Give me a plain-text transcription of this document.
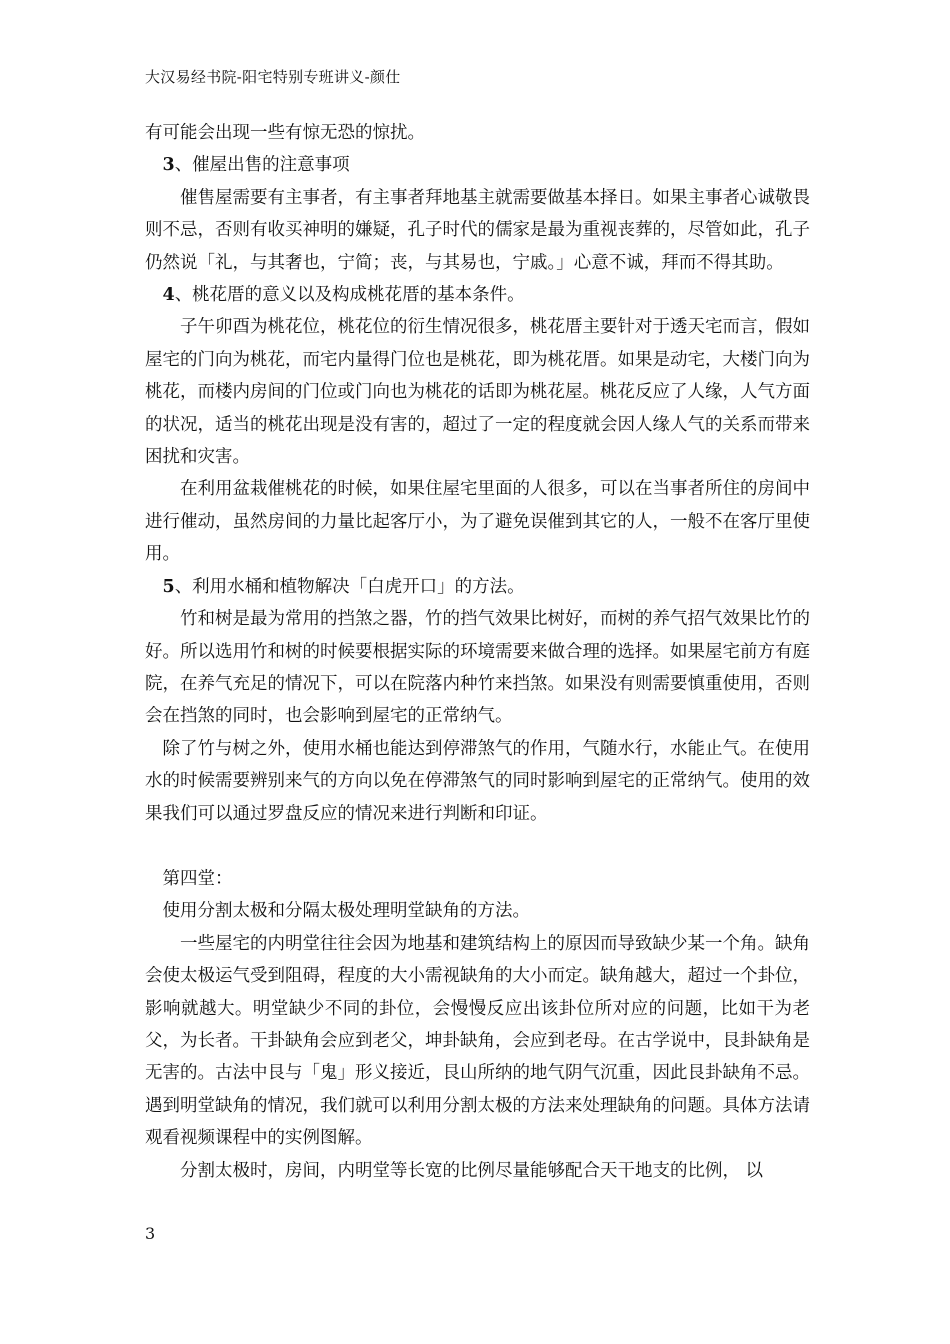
大汉易经书院-阳宅特别专班讲义-颜仕

有可能会出现一些有惊无恐的惊扰。

3、催屋出售的注意事项

催售屋需要有主事者，有主事者拜地基主就需要做基本择日。如果主事者心诚敬畏则不忌，否则有收买神明的嫌疑，孔子时代的儒家是最为重视丧葬的，尽管如此，孔子仍然说「礼，与其奢也，宁简；丧，与其易也，宁戚。」心意不诚，拜而不得其助。

4、桃花厝的意义以及构成桃花厝的基本条件。

子午卯酉为桃花位，桃花位的衍生情况很多，桃花厝主要针对于透天宅而言，假如屋宅的门向为桃花，而宅内量得门位也是桃花，即为桃花厝。如果是动宅，大楼门向为桃花，而楼内房间的门位或门向也为桃花的话即为桃花屋。桃花反应了人缘，人气方面的状况，适当的桃花出现是没有害的，超过了一定的程度就会因人缘人气的关系而带来困扰和灾害。

在利用盆栽催桃花的时候，如果住屋宅里面的人很多，可以在当事者所住的房间中进行催动，虽然房间的力量比起客厅小，为了避免误催到其它的人，一般不在客厅里使用。

5、利用水桶和植物解决「白虎开口」的方法。

竹和树是最为常用的挡煞之器，竹的挡气效果比树好，而树的养气招气效果比竹的好。所以选用竹和树的时候要根据实际的环境需要来做合理的选择。如果屋宅前方有庭院，在养气充足的情况下，可以在院落内种竹来挡煞。如果没有则需要慎重使用，否则会在挡煞的同时，也会影响到屋宅的正常纳气。

除了竹与树之外，使用水桶也能达到停滞煞气的作用，气随水行，水能止气。在使用水的时候需要辨别来气的方向以免在停滞煞气的同时影响到屋宅的正常纳气。使用的效果我们可以通过罗盘反应的情况来进行判断和印证。

第四堂：

使用分割太极和分隔太极处理明堂缺角的方法。

一些屋宅的内明堂往往会因为地基和建筑结构上的原因而导致缺少某一个角。缺角会使太极运气受到阻碍，程度的大小需视缺角的大小而定。缺角越大，超过一个卦位，影响就越大。明堂缺少不同的卦位，会慢慢反应出该卦位所对应的问题，比如干为老父，为长者。干卦缺角会应到老父，坤卦缺角，会应到老母。在古学说中，艮卦缺角是无害的。古法中艮与「鬼」形义接近，艮山所纳的地气阴气沉重，因此艮卦缺角不忌。遇到明堂缺角的情况，我们就可以利用分割太极的方法来处理缺角的问题。具体方法请观看视频课程中的实例图解。

分割太极时，房间，内明堂等长宽的比例尽量能够配合天干地支的比例， 以

3
